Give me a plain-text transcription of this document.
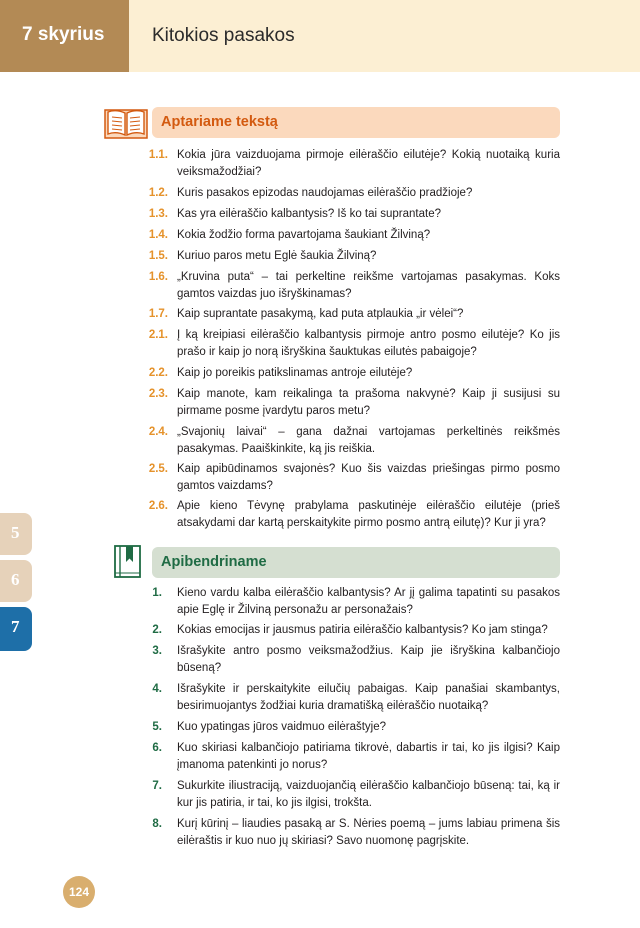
7 skyrius	Kitokios pasakos
Aptariame tekstą
1.1. Kokia jūra vaizduojama pirmoje eilėraščio eilutėje? Kokią nuotaiką kuria veiksmažodžiai?
1.2. Kuris pasakos epizodas naudojamas eilėraščio pradžioje?
1.3. Kas yra eilėraščio kalbantysis? Iš ko tai suprantate?
1.4. Kokia žodžio forma pavartojama šaukiant Žilviną?
1.5. Kuriuo paros metu Eglė šaukia Žilviną?
1.6. „Kruvina puta“ – tai perkeltine reikšme vartojamas pasakymas. Koks gamtos vaizdas juo išryškinamas?
1.7. Kaip suprantate pasakymą, kad puta atplaukia „ir vėlei“?
2.1. Į ką kreipiasi eilėraščio kalbantysis pirmoje antro posmo eilutėje? Ko jis prašo ir kaip jo norą išryškina šauktukas eilutės pabaigoje?
2.2. Kaip jo poreikis patikslinamas antroje eilutėje?
2.3. Kaip manote, kam reikalinga ta prašoma nakvynė? Kaip ji susijusi su pirmame posme įvardytu paros metu?
2.4. „Svajonių laivai“ – gana dažnai vartojamas perkeltinės reikšmės pasakymas. Paaiškinkite, ką jis reiškia.
2.5. Kaip apibūdinamos svajonės? Kuo šis vaizdas priešingas pirmo posmo gamtos vaizdams?
2.6. Apie kieno Tėvynę prabylama paskutinėje eilėraščio eilutėje (prieš atsakydami dar kartą perskaitykite pirmo posmo antrą eilutę)? Kur ji yra?
Apibendriname
1. Kieno vardu kalba eilėraščio kalbantysis? Ar jį galima tapatinti su pasakos apie Eglę ir Žilviną personažu ar personažais?
2. Kokias emocijas ir jausmus patiria eilėraščio kalbantysis? Ko jam stinga?
3. Išrašykite antro posmo veiksmažodžius. Kaip jie išryškina kalbančiojo būseną?
4. Išrašykite ir perskaitykite eilučių pabaigas. Kaip panašiai skambantys, besirimuojantys žodžiai kuria dramatišką eilėraščio nuotaiką?
5. Kuo ypatingas jūros vaidmuo eilėraštyje?
6. Kuo skiriasi kalbančiojo patiriama tikrovė, dabartis ir tai, ko jis ilgisi? Kaip įmanoma patenkinti jo norus?
7. Sukurkite iliustraciją, vaizduojančią eilėraščio kalbančiojo būseną: tai, ką ir kur jis patiria, ir tai, ko jis ilgisi, trokšta.
8. Kurį kūrinį – liaudies pasaką ar S. Nėries poemą – jums labiau primena šis eilėraštis ir kuo nuo jų skiriasi? Savo nuomonę pagrįskite.
5
6
7
124
